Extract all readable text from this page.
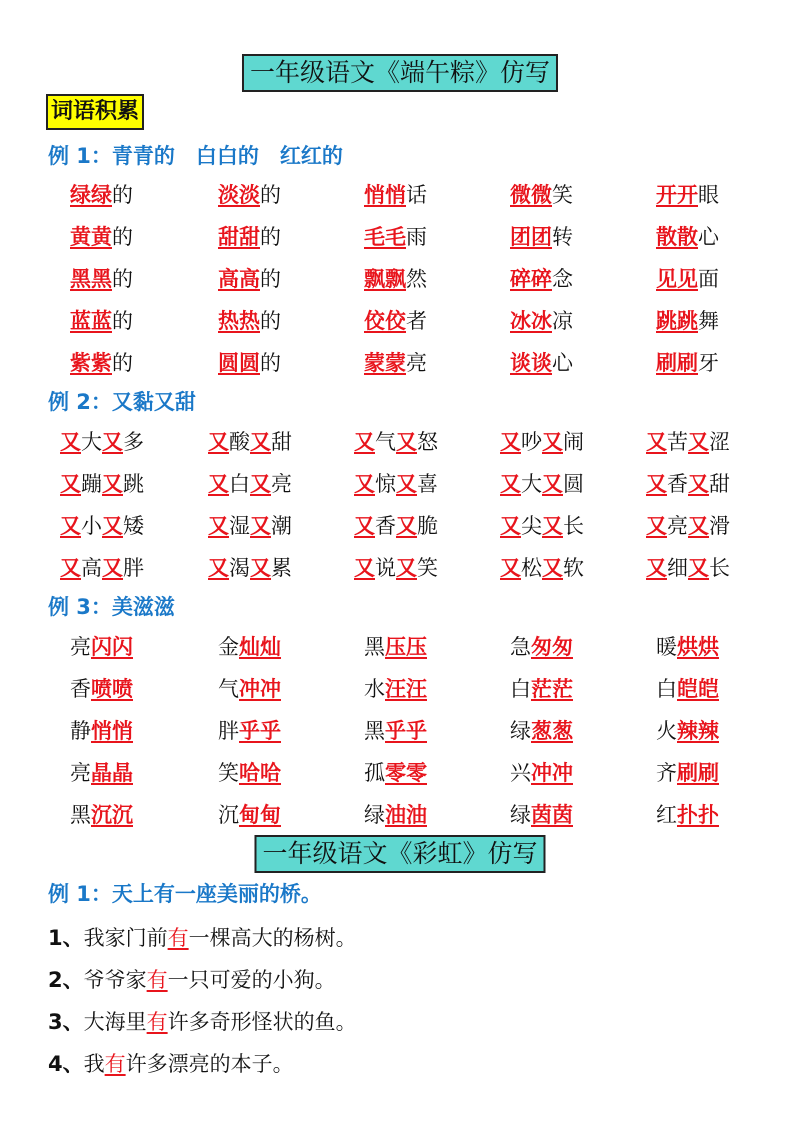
一年级语文《端午粽》仿写
词语积累
例 1：青青的　白白的　红红的
绿绿的	淡淡的	悄悄话	微微笑	开开眼
黄黄的	甜甜的	毛毛雨	团团转	散散心
黑黑的	高高的	飘飘然	碎碎念	见见面
蓝蓝的	热热的	佼佼者	冰冰凉	跳跳舞
紫紫的	圆圆的	蒙蒙亮	谈谈心	刷刷牙
例 2：又黏又甜
又大又多	又酸又甜	又气又怒	又吵又闹	又苦又涩
又蹦又跳	又白又亮	又惊又喜	又大又圆	又香又甜
又小又矮	又湿又潮	又香又脆	又尖又长	又亮又滑
又高又胖	又渴又累	又说又笑	又松又软	又细又长
例 3：美滋滋
亮闪闪	金灿灿	黑压压	急匆匆	暖烘烘
香喷喷	气冲冲	水汪汪	白茫茫	白皑皑
静悄悄	胖乎乎	黑乎乎	绿葱葱	火辣辣
亮晶晶	笑哈哈	孤零零	兴冲冲	齐刷刷
黑沉沉	沉甸甸	绿油油	绿茵茵	红扑扑
一年级语文《彩虹》仿写
例 1：天上有一座美丽的桥。
1、我家门前有一棵高大的杨树。
2、爷爷家有一只可爱的小狗。
3、大海里有许多奇形怪状的鱼。
4、我有许多漂亮的本子。
